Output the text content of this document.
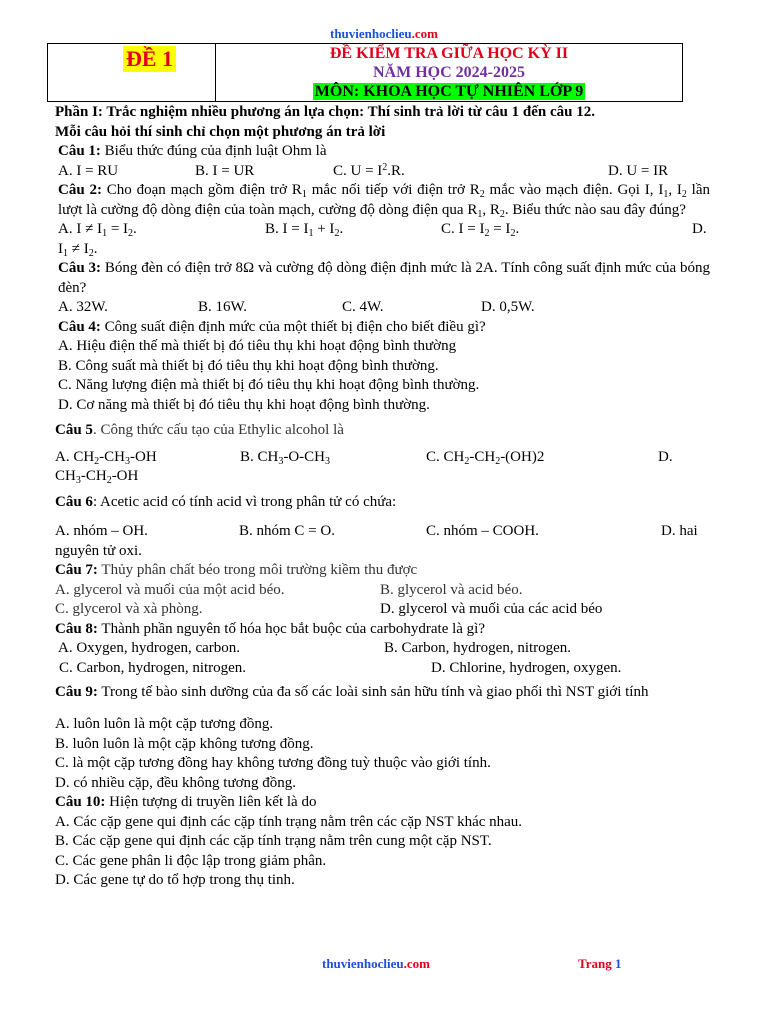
thuvienhoclieu.com
ĐỀ 1	ĐỀ KIỂM TRA GIỮA HỌC KỲ II
NĂM HỌC 2024-2025
MÔN: KHOA HỌC TỰ NHIÊN LỚP 9
Phần I: Trắc nghiệm nhiều phương án lựa chọn: Thí sinh trả lời từ câu 1 đến câu 12.
Mỗi câu hỏi thí sinh chỉ chọn một phương án trả lời
Câu 1: Biểu thức đúng của định luật Ohm là
A. I = RU	B. I = UR	C. $U = I^2.R$.	D. U = IR
Câu 2: Cho đoạn mạch gồm điện trở $R_1$ mắc nối tiếp với điện trở $R_2$ mắc vào mạch điện. Gọi I, $I_1$, $I_2$ lần lượt là cường độ dòng điện của toàn mạch, cường độ dòng điện qua $R_1$, $R_2$. Biểu thức nào sau đây đúng?
A. $I \ne I_1 = I_2$.	B. $I = I_1 + I_2$.	C. $I = I_2 = I_2$.	D.
$I_1 \ne I_2$.
Câu 3: Bóng đèn có điện trở 8Ω và cường độ dòng điện định mức là 2A. Tính công suất định mức của bóng đèn?
A. 32W.	B. 16W.	C. 4W.	D. 0,5W.
Câu 4: Công suất điện định mức của một thiết bị điện cho biết điều gì?
A. Hiệu điện thế mà thiết bị đó tiêu thụ khi hoạt động bình thường
B. Công suất mà thiết bị đó tiêu thụ khi hoạt động bình thường.
C. Năng lượng điện mà thiết bị đó tiêu thụ khi hoạt động bình thường.
D. Cơ năng mà thiết bị đó tiêu thụ khi hoạt động bình thường.
Câu 5. Công thức cấu tạo của Ethylic alcohol là
A. $CH_2-CH_3-OH$	B. $CH_3-O-CH_3$	C. $CH_2-CH_2-(OH)2$	D.
$CH_3-CH_2-OH$
Câu 6: Acetic acid có tính acid vì trong phân tử có chứa:
A. nhóm – OH.	B. nhóm C = O.	C. nhóm – COOH.	D. hai
nguyên tử oxi.
Câu 7: Thủy phân chất béo trong môi trường kiềm thu được
A. glycerol và muối của một acid béo.	B. glycerol và acid béo.
C. glycerol và xà phòng.	D. glycerol và muối của các acid béo
Câu 8: Thành phần nguyên tố hóa học bắt buộc của carbohydrate là gì?
A. Oxygen, hydrogen, carbon.	B. Carbon, hydrogen, nitrogen.
C. Carbon, hydrogen, nitrogen.	D. Chlorine, hydrogen, oxygen.
Câu 9: Trong tế bào sinh dưỡng của đa số các loài sinh sản hữu tính và giao phối thì NST giới tính
A. luôn luôn là một cặp tương đồng.
B. luôn luôn là một cặp không tương đồng.
C. là một cặp tương đồng hay không tương đồng tuỳ thuộc vào giới tính.
D. có nhiều cặp, đều không tương đồng.
Câu 10: Hiện tượng di truyền liên kết là do
A. Các cặp gene qui định các cặp tính trạng nằm trên các cặp NST khác nhau.
B. Các cặp gene qui định các cặp tính trạng nằm trên cung một cặp NST.
C. Các gene phân li độc lập trong giảm phân.
D. Các gene tự do tổ hợp trong thụ tinh.
thuvienhoclieu.com	Trang 1
